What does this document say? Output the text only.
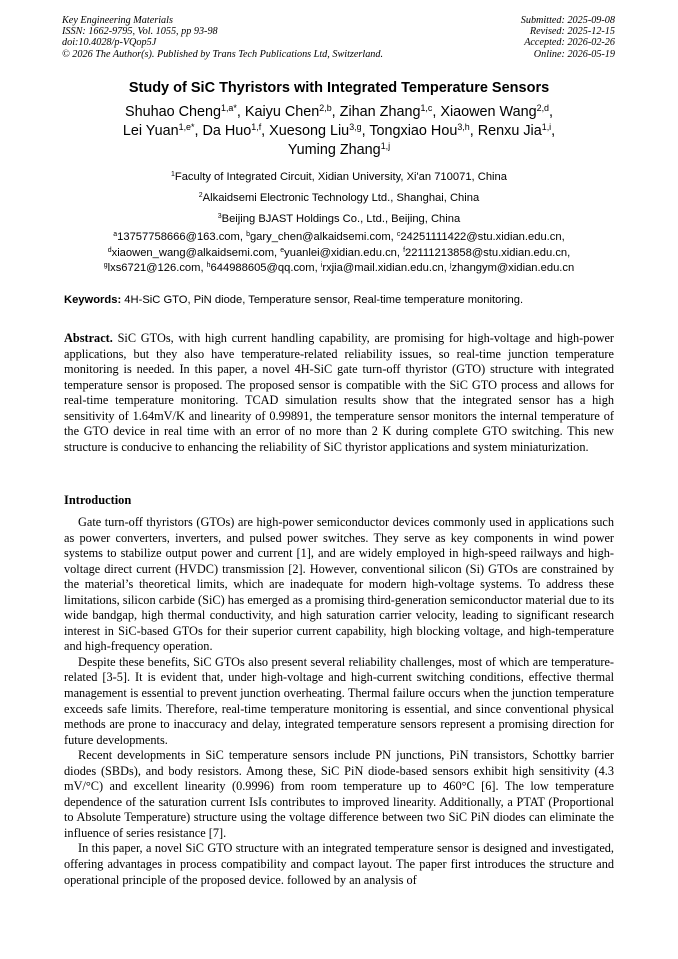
Key Engineering Materials
ISSN: 1662-9795, Vol. 1055, pp 93-98
doi:10.4028/p-VQop5J
© 2026 The Author(s). Published by Trans Tech Publications Ltd, Switzerland.
Submitted: 2025-09-08
Revised: 2025-12-15
Accepted: 2026-02-26
Online: 2026-05-19
Study of SiC Thyristors with Integrated Temperature Sensors
Shuhao Cheng$^{1,a*}$, Kaiyu Chen$^{2,b}$, Zihan Zhang$^{1,c}$, Xiaowen Wang$^{2,d}$,
Lei Yuan$^{1,e*}$, Da Huo$^{1,f}$, Xuesong Liu$^{3,g}$, Tongxiao Hou$^{3,h}$, Renxu Jia$^{1,i}$,
Yuming Zhang$^{1,j}$
$^1$Faculty of Integrated Circuit, Xidian University, Xi'an 710071, China
$^2$Alkaidsemi Electronic Technology Ltd., Shanghai, China
$^3$Beijing BJAST Holdings Co., Ltd., Beijing, China
$^a$13757758666@163.com, $^b$gary_chen@alkaidsemi.com, $^c$24251111422@stu.xidian.edu.cn,
$^d$xiaowen_wang@alkaidsemi.com, $^e$yuanlei@xidian.edu.cn, $^f$22111213858@stu.xidian.edu.cn,
$^g$lxs6721@126.com, $^h$644988605@qq.com, $^i$rxjia@mail.xidian.edu.cn, $^j$zhangym@xidian.edu.cn
Keywords: 4H-SiC GTO, PiN diode, Temperature sensor, Real-time temperature monitoring.

Abstract. SiC GTOs, with high current handling capability, are promising for high-voltage and high-power applications, but they also have temperature-related reliability issues, so real-time junction temperature monitoring is needed. In this paper, a novel 4H-SiC gate turn-off thyristor (GTO) structure with integrated temperature sensor is proposed. The proposed sensor is compatible with the SiC GTO process and allows for real-time temperature monitoring. TCAD simulation results show that the integrated sensor has a high sensitivity of 1.64mV/K and linearity of 0.99891, the temperature sensor monitors the internal temperature of the GTO device in real time with an error of no more than 2 K during complete GTO switching. This new structure is conducive to enhancing the reliability of SiC thyristor applications and system miniaturization.

Introduction

Gate turn-off thyristors (GTOs) are high-power semiconductor devices commonly used in applications such as power converters, inverters, and pulsed power switches. They serve as key components in wind power systems to stabilize output power and current [1], and are widely employed in high-speed railways and high-voltage direct current (HVDC) transmission [2]. However, conventional silicon (Si) GTOs are constrained by the material’s theoretical limits, which are inadequate for modern high-voltage systems. To address these limitations, silicon carbide (SiC) has emerged as a promising third-generation semiconductor material due to its wide bandgap, high thermal conductivity, and high saturation carrier velocity, leading to significant research interest in SiC-based GTOs for their superior current capability, high blocking voltage, and high-temperature and high-frequency operation.

Despite these benefits, SiC GTOs also present several reliability challenges, most of which are temperature-related [3-5]. It is evident that, under high-voltage and high-current switching conditions, effective thermal management is essential to prevent junction overheating. Thermal failure occurs when the junction temperature exceeds safe limits. Therefore, real-time temperature monitoring is essential, and since conventional physical methods are prone to inaccuracy and delay, integrated temperature sensors represent a promising direction for future developments.

Recent developments in SiC temperature sensors include PN junctions, PiN transistors, Schottky barrier diodes (SBDs), and body resistors. Among these, SiC PiN diode-based sensors exhibit high sensitivity (4.3 mV/°C) and excellent linearity (0.9996) from room temperature up to 460°C [6]. The low temperature dependence of the saturation current IsIs contributes to improved linearity. Additionally, a PTAT (Proportional to Absolute Temperature) structure using the voltage difference between two SiC PiN diodes can eliminate the influence of series resistance [7].

In this paper, a novel SiC GTO structure with an integrated temperature sensor is designed and investigated, offering advantages in process compatibility and compact layout. The paper first introduces the structure and operational principle of the proposed device. followed by an analysis of
